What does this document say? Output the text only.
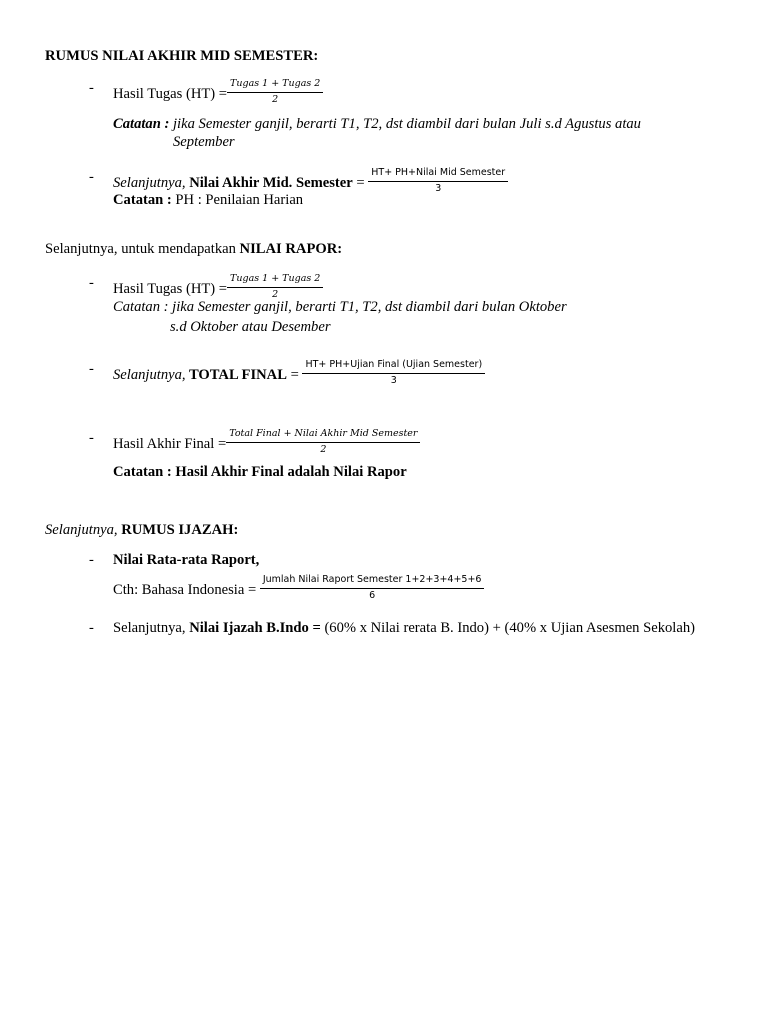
RUMUS NILAI AKHIR MID SEMESTER:
- Hasil Tugas $(HT) = \frac{\text{Tugas 1 + Tugas 2}}{2}$
Catatan : jika Semester ganjil, berarti T1, T2, dst diambil dari bulan Juli s.d Agustus atau
September
- Selanjutnya, Nilai Akhir Mid. Semester = $\frac{\text{HT+ PH+Nilai Mid Semester}}{3}$
Catatan : PH : Penilaian Harian
Selanjutnya, untuk mendapatkan NILAI RAPOR:
- Hasil Tugas $(HT) = \frac{\text{Tugas 1 + Tugas 2}}{2}$
Catatan : jika Semester ganjil, berarti T1, T2, dst diambil dari bulan Oktober
s.d Oktober atau Desember
- Selanjutnya, TOTAL FINAL = $\frac{\text{HT+ PH+Ujian Final (Ujian Semester)}}{3}$
- Hasil Akhir Final = $\frac{\text{Total Final + Nilai Akhir Mid Semester}}{2}$
Catatan : Hasil Akhir Final adalah Nilai Rapor
Selanjutnya, RUMUS IJAZAH:
- Nilai Rata-rata Raport,
Cth: Bahasa Indonesia = $\frac{\text{Jumlah Nilai Raport Semester 1+2+3+4+5+6}}{6}$
- Selanjutnya, Nilai Ijazah B.Indo = (60% x Nilai rerata B. Indo) + (40% x Ujian Asesmen Sekolah)
